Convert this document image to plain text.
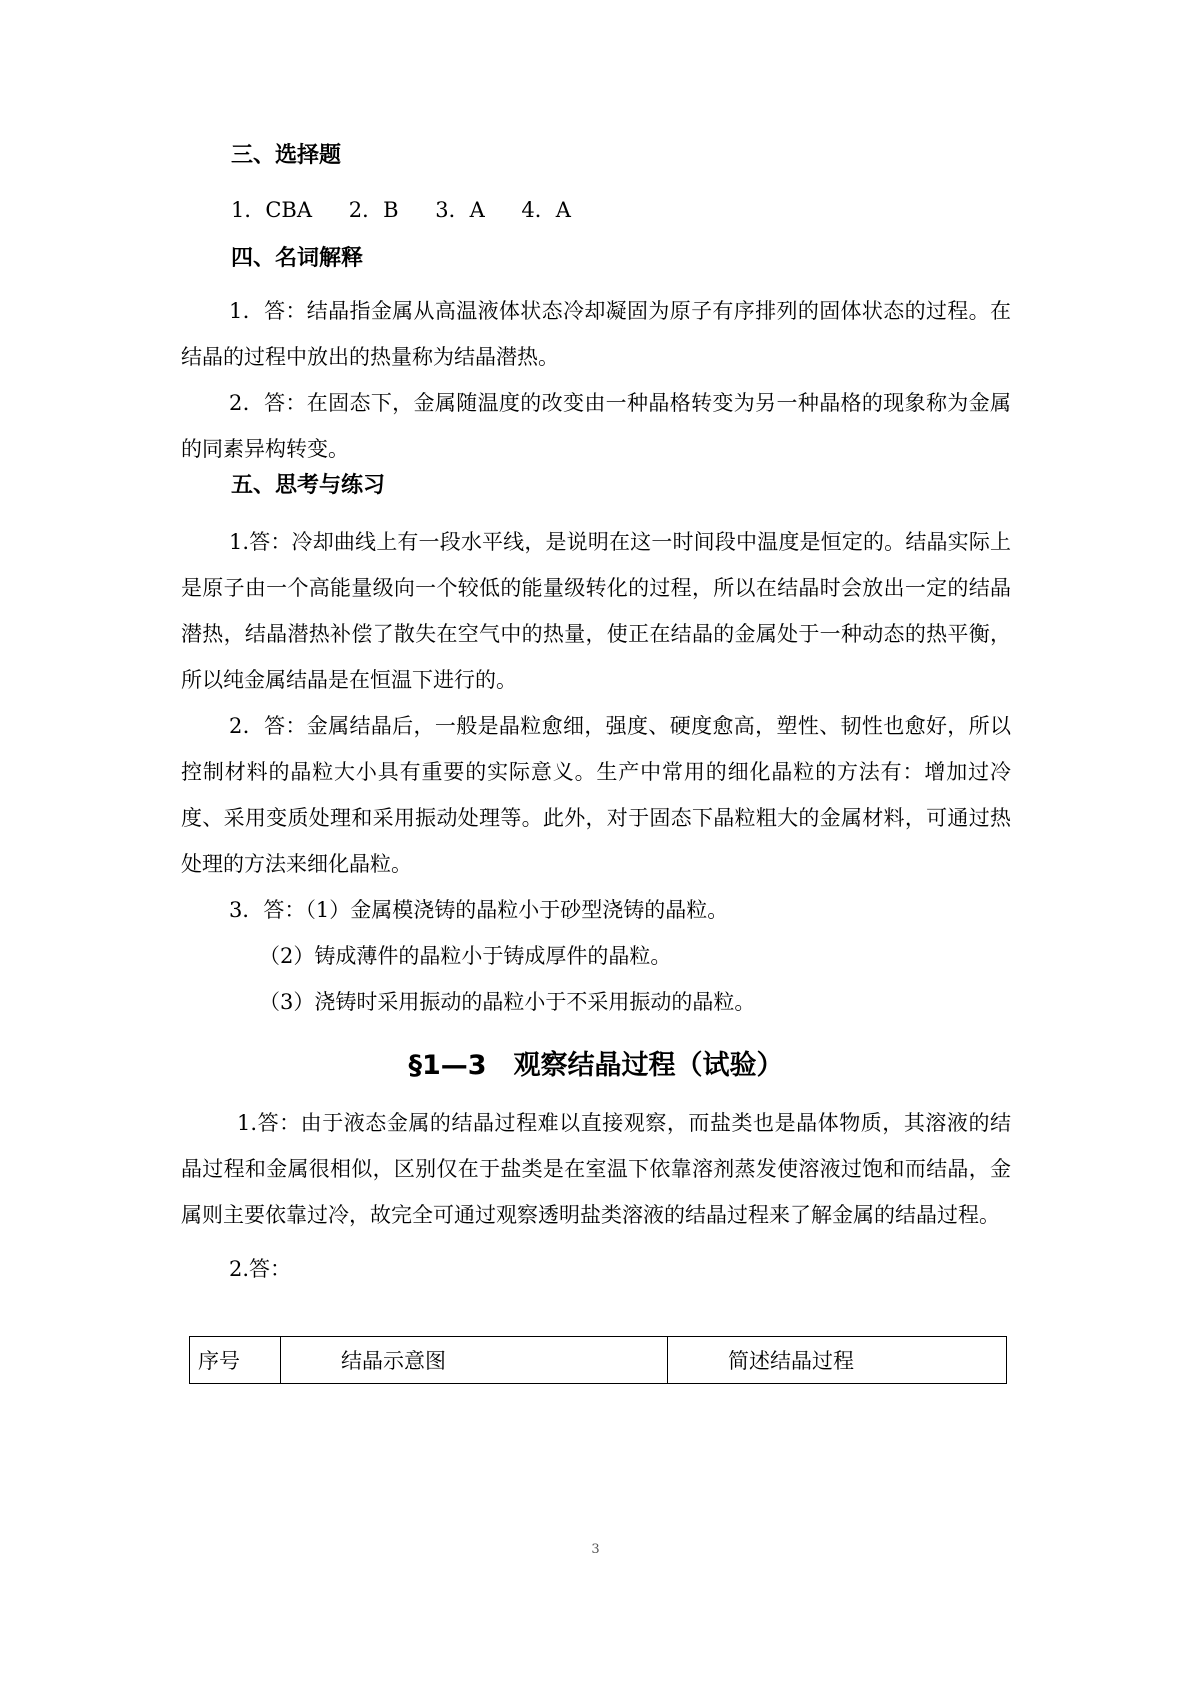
三、选择题
1．CBA 2．B 3．A 4．A
四、名词解释

1．答：结晶指金属从高温液体状态冷却凝固为原子有序排列的固体状态的过程。在结晶的过程中放出的热量称为结晶潜热。

2．答：在固态下，金属随温度的改变由一种晶格转变为另一种晶格的现象称为金属的同素异构转变。

五、思考与练习

1.答：冷却曲线上有一段水平线，是说明在这一时间段中温度是恒定的。结晶实际上是原子由一个高能量级向一个较低的能量级转化的过程，所以在结晶时会放出一定的结晶潜热，结晶潜热补偿了散失在空气中的热量，使正在结晶的金属处于一种动态的热平衡，所以纯金属结晶是在恒温下进行的。

2．答：金属结晶后，一般是晶粒愈细，强度、硬度愈高，塑性、韧性也愈好，所以控制材料的晶粒大小具有重要的实际意义。生产中常用的细化晶粒的方法有：增加过冷度、采用变质处理和采用振动处理等。此外，对于固态下晶粒粗大的金属材料，可通过热处理的方法来细化晶粒。

3．答：（1）金属模浇铸的晶粒小于砂型浇铸的晶粒。

（2）铸成薄件的晶粒小于铸成厚件的晶粒。

（3）浇铸时采用振动的晶粒小于不采用振动的晶粒。

§1—3　观察结晶过程（试验）

1.答：由于液态金属的结晶过程难以直接观察，而盐类也是晶体物质，其溶液的结晶过程和金属很相似，区别仅在于盐类是在室温下依靠溶剂蒸发使溶液过饱和而结晶，金属则主要依靠过冷，故完全可通过观察透明盐类溶液的结晶过程来了解金属的结晶过程。

2.答：

序号	结晶示意图	简述结晶过程
3
